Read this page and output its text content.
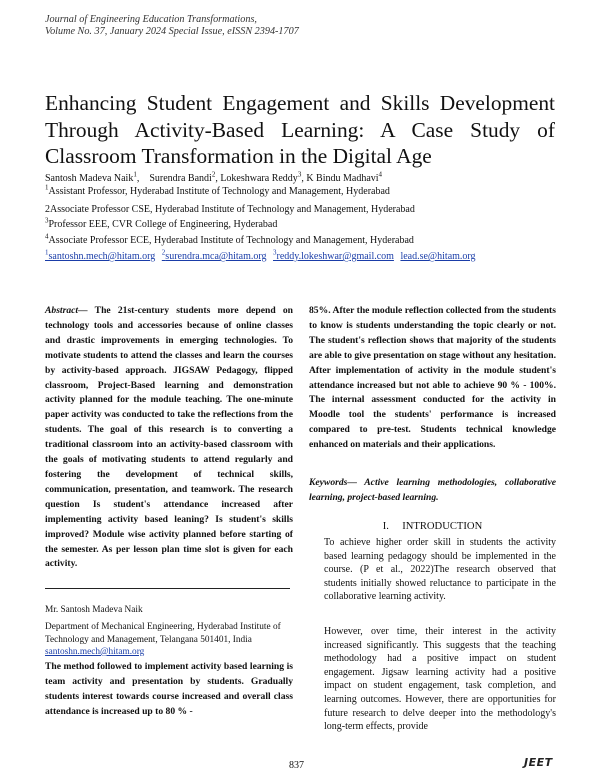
Journal of Engineering Education Transformations,
Volume No. 37, January 2024 Special Issue, eISSN 2394-1707
Enhancing Student Engagement and Skills Development Through Activity-Based Learning: A Case Study of Classroom Transformation in the Digital Age
Santosh Madeva Naik$^1$,    Surendra Bandi$^2$, Lokeshwara Reddy$^3$, K Bindu Madhavi$^4$
$^1$Assistant Professor, Hyderabad Institute of Technology and Management, Hyderabad
2Associate Professor CSE, Hyderabad Institute of Technology and Management, Hyderabad
$^3$Professor EEE, CVR College of Engineering, Hyderabad
$^4$Associate Professor ECE, Hyderabad Institute of Technology and Management, Hyderabad
$^1$santoshn.mech@hitam.org $^2$surendra.mca@hitam.org $^3$reddy.lokeshwar@gmail.com lead.se@hitam.org
Abstract— The 21st-century students more depend on technology tools and accessories because of online classes and drastic improvements in emerging technologies. To motivate students to attend the classes and learn the courses by activity-based approach. JIGSAW Pedagogy, flipped classroom, Project-Based learning and demonstration activity planned for the module teaching. The one-minute paper activity was conducted to take the reflections from the students. The goal of this research is to converting a traditional classroom into an activity-based classroom with the goals of motivating students to attend regularly and fostering the development of technical skills, communication, presentation, and teamwork. The research question Is student's attendance increased after implementing activity based leaning? Is student's skills improved? Module wise activity planned before starting of the semester. As per lesson plan time slot is given for each activity.
85%. After the module reflection collected from the students to know is students understanding the topic clearly or not. The student's reflection shows that majority of the students are able to give presentation on stage without any hesitation. After implementation of activity in the module student's attendance increased but not able to achieve 90 % - 100%. The internal assessment conducted for the activity in Moodle tool the students' performance is increased compared to pre-test. Students technical knowledge enhanced on materials and their applications.
Keywords— Active learning methodologies, collaborative learning, project-based learning.
I. INTRODUCTION
To achieve higher order skill in students the activity based learning pedagogy should be implemented in the course. (P et al., 2022)The research observed that students initially showed reluctance to participate in the collaborative learning activity.
However, over time, their interest in the activity increased significantly. This suggests that the teaching methodology had a positive impact on student engagement. Jigsaw learning activity had a positive impact on student engagement, task completion, and learning outcomes. However, there are opportunities for future research to delve deeper into the methodology's long-term effects, provide
Mr. Santosh Madeva Naik
Department of Mechanical Engineering, Hyderabad Institute of Technology and Management, Telangana 501401, India
santoshn.mech@hitam.org
The method followed to implement activity based learning is team activity and presentation by students. Gradually students interest towards course increased and overall class attendance is increased up to 80 % -
837	JEET
